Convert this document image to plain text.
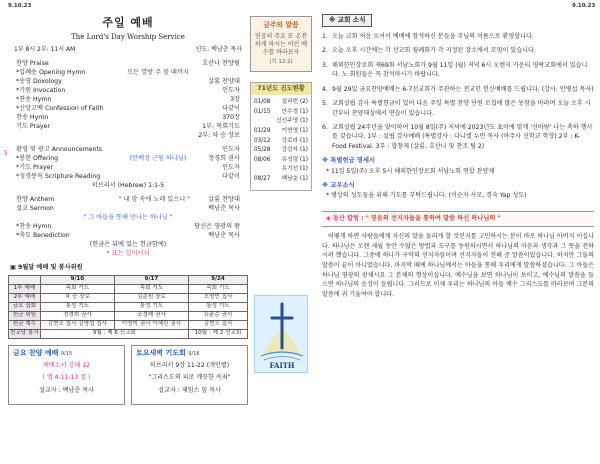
9.10.23	9.10.23
5
주일 예배
The Lord's Day Worship Service
1부 8시 2부: 11시 AM	인도: 백남춘 목사
찬양 Praise	호산나 찬양팀
*입례송 Opening Hymn	모든 열방 주 볼 때까지
*송영 Doxology	살롬 찬양대
*기원 Invocation	인도자
*찬송 Hymn	3장
*신앙고백 Confession of Faith	다같이
찬송 Hymn	370장
기도 Prayer	1부: 목회기도
2부: 차 승 장로
환영 및 광고 Announcements	인도자
*봉헌 Offering	(만백성 근원 하나님)	정경희 권사
*기도 Prayer	인도자
*성경봉독 Scripture Reading	다같이
히브리서 (Hebrew) 1:1-5
찬양 Anthem	" 내 맘 속에 노래 있으니 "	살롬 찬양대
설교 Sermon	백남춘 목사
" 그 아들을 통해 만나는 하나님 "
*찬송 Hymn	당신은 영광의 왕
*축도 Benediction	백남춘 목사
(헌금은 뒤에 있는 헌금함에)
* 표는 일어서서
▣ 9월달 예배 및 봉사위원
	9/10	9/17	9/24
1부 예배	목회 기도	목회 기도	목회 기도
2부 예배	차 승 장로	김준원 장로	오영빈 집사
금요 집회	통성 기도	통성 기도	통성 기도
헌금 위원	정경희 권사	조정래 권사	유윤순 권사
헌금 계수	김현오 집사 김명섭 집사	이영미 권사 이혜린 권사	김현오 집사
친교담 봉사	9월 : 제 6 선교회		10월 : 제 2 선교회
금요 찬양 예배 9/15
예배소서 강해 12
( 엡 4:11-13 절 )
설교자 : 백남춘 목사
토요새벽 기도회 9/16
히브리서 9장 11-22 (개인별)
"그리스도의 피로 깨끗한 속죄"
설교자 : 제임스 임 목사
금주의 말씀
믿음의 주요 또 온전하게 하시는 이인 예수를 바라보자
(히 12:2)
71년도 진도현황
01/08 설리번 (2)
01/15 안수경 (1)
신선주영 (1)
01/29 이현영 (1)
03/12 강로라 (1)
05/28 강감자 (1)
08/06 유성령 (1)
유기선 (1)
08/27 백남춘 (1)
FAITH
※ 교회 소식
1. 오늘 교회 처음 오셔서 예배에 참석하신 분들을 주님의 이름으로 환영합니다.
2. 오늘 오후 시간에는 각 선교회 월례회가 각 지정된 장소에서 모임이 있습니다.
3. 해외한인장로회 제69회 서남노회가 9월 11일 (월) 저녁 6시 오렌지 카운티 영락교회에서 있습니다. 노 회원들은 꼭 참석하시기 바랍니다.
4. 9월 29일 금요찬양예배는 6-7선교회가 주관하는 전교인 헌신예배를 드립니다. (강사: 안병섭 목사)
5. 교회설립 감사 특별헌금이 있어 다음 주일 특별 찬양 단원 모집에 많은 동참을 바라며 오늘 오후 시간부터 찬양대실에서 연습이 있습니다.
6. 교회설립 24주년을 맞이하여 10월 8일(주) 저녁에 2023년도 표어에 맞게 '신바람' 나는 축하 행사를 갖습니다. 1부 : 설립 감사예배 (특별강사 : 다니엘 누먼 목사 (아주사 신학교 학장) 2부 : K-Food Festival. 3부 : 합창제 (살롬, 호산나 및 찬조 팀 2)
※ 특별헌금 명세서
* 11일 5일(주) 오후 5시 해외한인장로회 서남노회 연합 찬양제
※ 교우소식
* 병상의 성도들을 위해 기도를 부탁드립니다. (이순자 사모, 경숙 Yap 성도)
◈ 동산 칼럼 : " 믿음의 선지자들을 통하여 말씀 하신 하나님의 "
어떻게 하면 사람들에게 자신의 말을 들리게 할 것인지를 고민하시는 분이 바로 하나님 아버지 이십니다. 하나님은 오랜 세월 동안 수많은 방법과 도구를 동원하시면서 하나님의 마음과 생각과 그 뜻을 전하시려 했습니다. 그중에 하나가 구약의 선지자들이며 선지자들이 전해 준 말씀이었습니다. 하지만 그들의 말씀이 끝이 아니었습니다. 마지막 때에 하나님께서는 아들을 통해 우리에게 말씀하셨습니다. 그 아들은 하나님 영광의 광채시요 그 본체의 형상이십니다. 예수님을 보면 하나님이 보이고, 예수님의 말씀을 들으면 하나님의 음성이 들립니다. 그러므로 이제 우리는 하나님의 아들 예수 그리스도를 바라보며 그분의 말씀에 귀 기울여야 합니다.
